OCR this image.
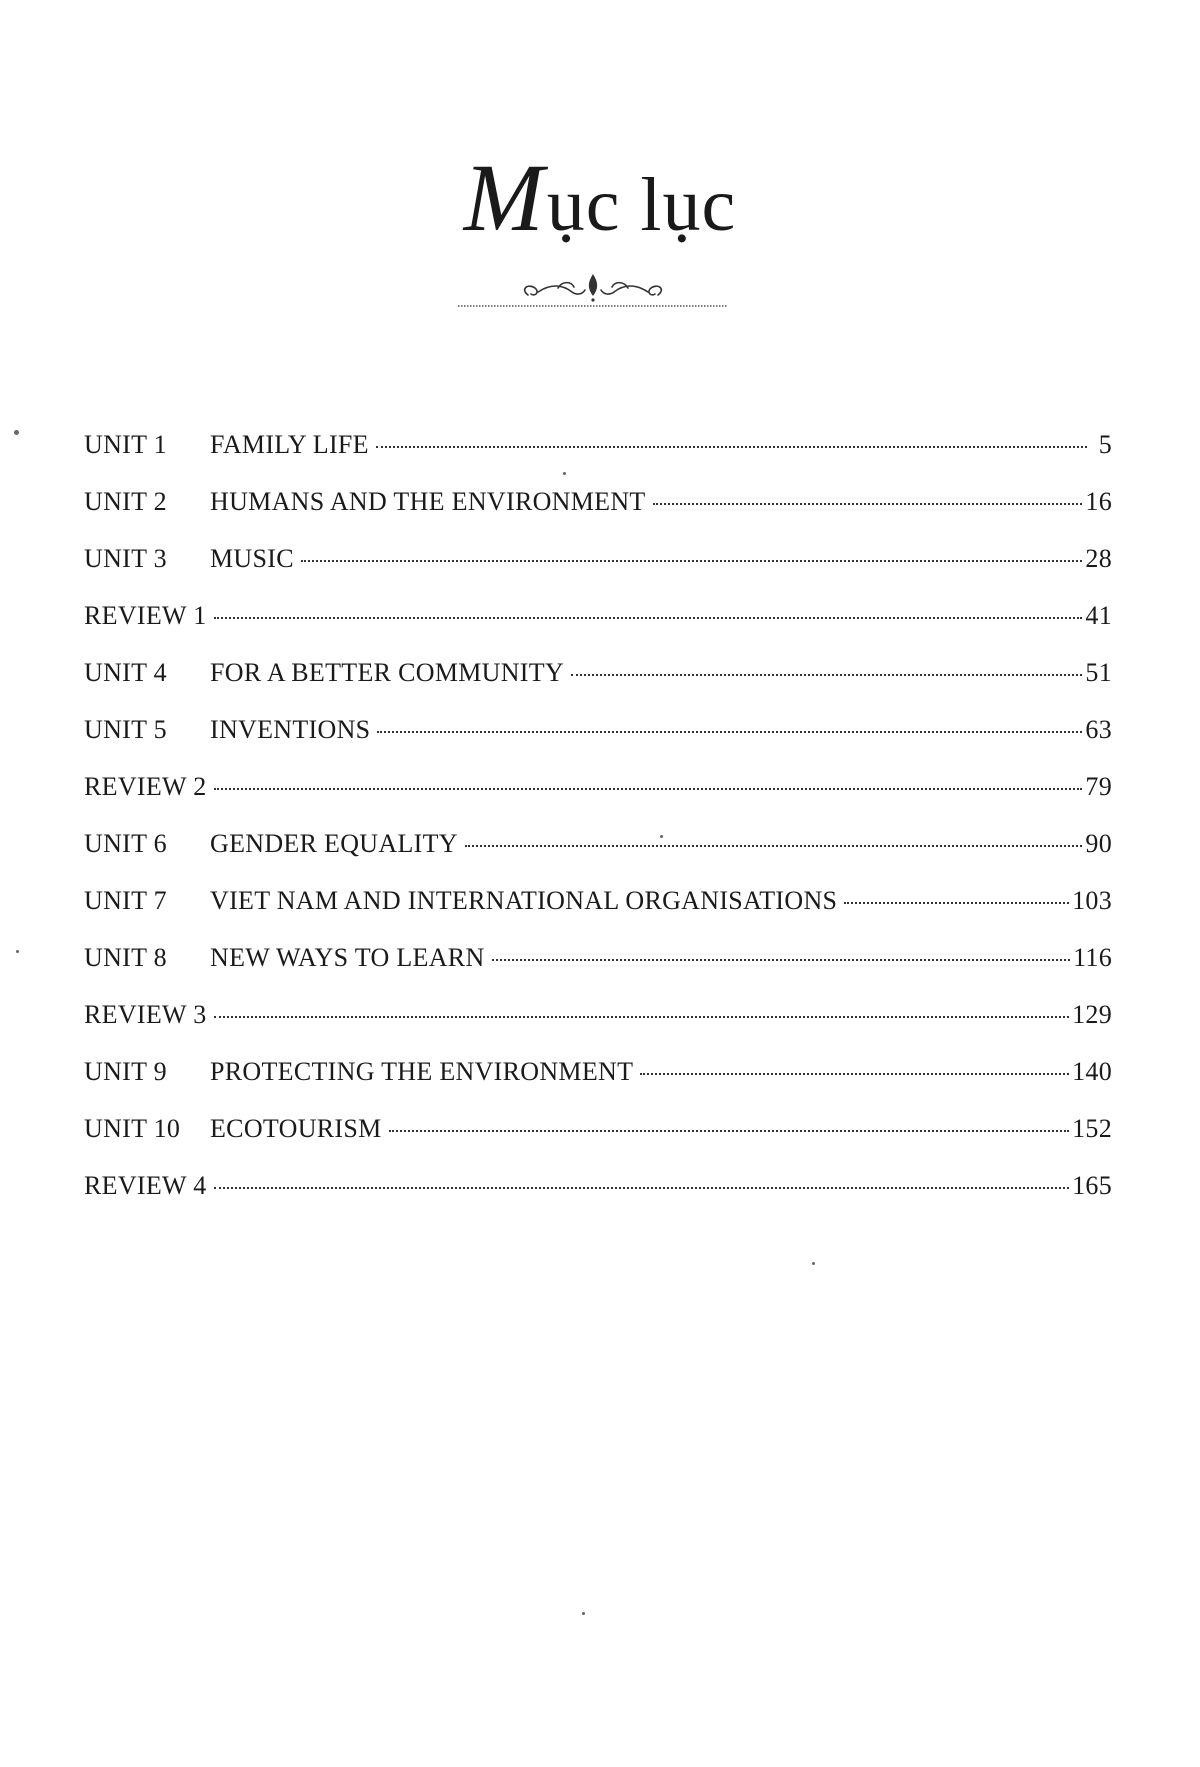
Mục lục
UNIT 1	FAMILY LIFE	5
UNIT 2	HUMANS AND THE ENVIRONMENT	16
UNIT 3	MUSIC	28
REVIEW 1	41
UNIT 4	FOR A BETTER COMMUNITY	51
UNIT 5	INVENTIONS	63
REVIEW 2	79
UNIT 6	GENDER EQUALITY	90
UNIT 7	VIET NAM AND INTERNATIONAL ORGANISATIONS	103
UNIT 8	NEW WAYS TO LEARN	116
REVIEW 3	129
UNIT 9	PROTECTING THE ENVIRONMENT	140
UNIT 10	ECOTOURISM	152
REVIEW 4	165
